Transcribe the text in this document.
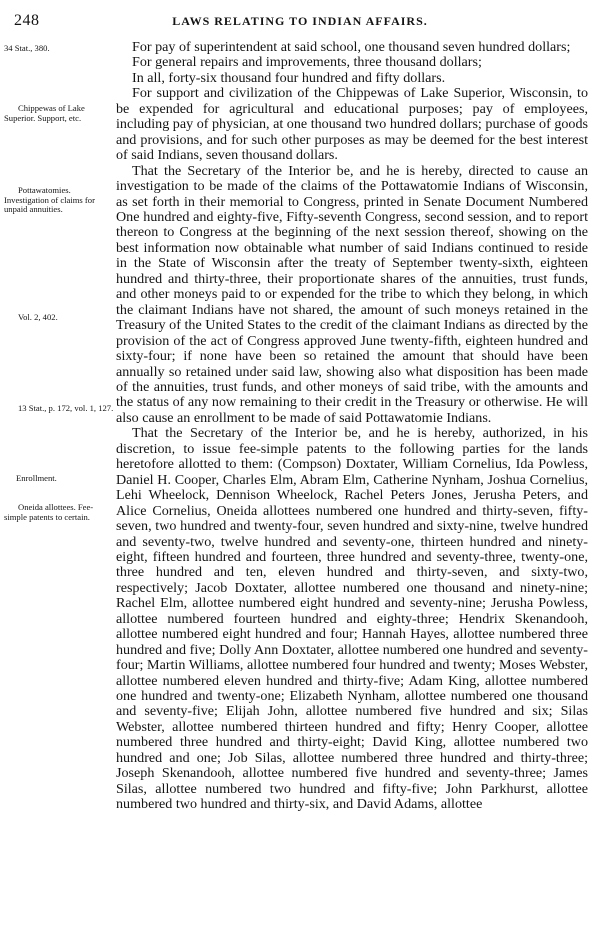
248	LAWS RELATING TO INDIAN AFFAIRS.
34 Stat., 380.
Chippewas of Lake Superior. Support, etc.
Pottawatomies. Investigation of claims for unpaid annuities.
Vol. 2, 402.
13 Stat., p. 172, vol. 1, 127.
Enrollment.
Oneida allottees. Fee-simple patents to certain.

For pay of superintendent at said school, one thousand seven hundred dollars;

For general repairs and improvements, three thousand dollars;

In all, forty-six thousand four hundred and fifty dollars.

For support and civilization of the Chippewas of Lake Superior, Wisconsin, to be expended for agricultural and educational purposes; pay of employees, including pay of physician, at one thousand two hundred dollars; purchase of goods and provisions, and for such other purposes as may be deemed for the best interest of said Indians, seven thousand dollars.

That the Secretary of the Interior be, and he is hereby, directed to cause an investigation to be made of the claims of the Pottawatomie Indians of Wisconsin, as set forth in their memorial to Congress, printed in Senate Document Numbered One hundred and eighty-five, Fifty-seventh Congress, second session, and to report thereon to Congress at the beginning of the next session thereof, showing on the best information now obtainable what number of said Indians continued to reside in the State of Wisconsin after the treaty of September twenty-sixth, eighteen hundred and thirty-three, their proportionate shares of the annuities, trust funds, and other moneys paid to or expended for the tribe to which they belong, in which the claimant Indians have not shared, the amount of such moneys retained in the Treasury of the United States to the credit of the claimant Indians as directed by the provision of the act of Congress approved June twenty-fifth, eighteen hundred and sixty-four; if none have been so retained the amount that should have been annually so retained under said law, showing also what disposition has been made of the annuities, trust funds, and other moneys of said tribe, with the amounts and the status of any now remaining to their credit in the Treasury or otherwise. He will also cause an enrollment to be made of said Pottawatomie Indians.

That the Secretary of the Interior be, and he is hereby, authorized, in his discretion, to issue fee-simple patents to the following parties for the lands heretofore allotted to them: (Compson) Doxtater, William Cornelius, Ida Powless, Daniel H. Cooper, Charles Elm, Abram Elm, Catherine Nynham, Joshua Cornelius, Lehi Wheelock, Dennison Wheelock, Rachel Peters Jones, Jerusha Peters, and Alice Cornelius, Oneida allottees numbered one hundred and thirty-seven, fifty-seven, two hundred and twenty-four, seven hundred and sixty-nine, twelve hundred and seventy-two, twelve hundred and seventy-one, thirteen hundred and ninety-eight, fifteen hundred and fourteen, three hundred and seventy-three, twenty-one, three hundred and ten, eleven hundred and thirty-seven, and sixty-two, respectively; Jacob Doxtater, allottee numbered one thousand and ninety-nine; Rachel Elm, allottee numbered eight hundred and seventy-nine; Jerusha Powless, allottee numbered fourteen hundred and eighty-three; Hendrix Skenandooh, allottee numbered eight hundred and four; Hannah Hayes, allottee numbered three hundred and five; Dolly Ann Doxtater, allottee numbered one hundred and seventy-four; Martin Williams, allottee numbered four hundred and twenty; Moses Webster, allottee numbered eleven hundred and thirty-five; Adam King, allottee numbered one hundred and twenty-one; Elizabeth Nynham, allottee numbered one thousand and seventy-five; Elijah John, allottee numbered five hundred and six; Silas Webster, allottee numbered thirteen hundred and fifty; Henry Cooper, allottee numbered three hundred and thirty-eight; David King, allottee numbered two hundred and one; Job Silas, allottee numbered three hundred and thirty-three; Joseph Skenandooh, allottee numbered five hundred and seventy-three; James Silas, allottee numbered two hundred and fifty-five; John Parkhurst, allottee numbered two hundred and thirty-six, and David Adams, allottee
